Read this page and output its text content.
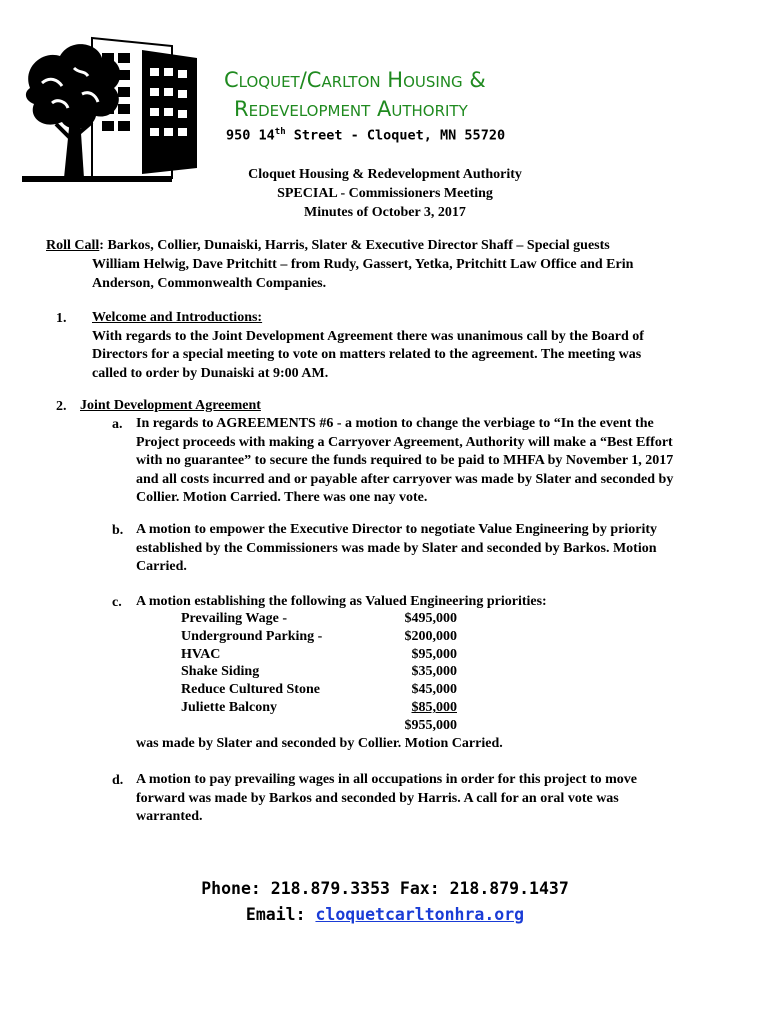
Cloquet/Carlton Housing &
Redevelopment Authority
950 14th Street - Cloquet, MN 55720
Cloquet Housing & Redevelopment Authority
SPECIAL - Commissioners Meeting
Minutes of October 3, 2017
Roll Call: Barkos, Collier, Dunaiski, Harris, Slater & Executive Director Shaff – Special guests
William Helwig, Dave Pritchitt – from Rudy, Gassert, Yetka, Pritchitt Law Office and Erin
Anderson, Commonwealth Companies.
1. Welcome and Introductions:
With regards to the Joint Development Agreement there was unanimous call by the Board of
Directors for a special meeting to vote on matters related to the agreement. The meeting was
called to order by Dunaiski at 9:00 AM.
2. Joint Development Agreement
a. In regards to AGREEMENTS #6 - a motion to change the verbiage to “In the event the
Project proceeds with making a Carryover Agreement, Authority will make a “Best Effort
with no guarantee” to secure the funds required to be paid to MHFA by November 1, 2017
and all costs incurred and or payable after carryover was made by Slater and seconded by
Collier. Motion Carried. There was one nay vote.
b. A motion to empower the Executive Director to negotiate Value Engineering by priority
established by the Commissioners was made by Slater and seconded by Barkos. Motion
Carried.
c. A motion establishing the following as Valued Engineering priorities:
Prevailing Wage -	$495,000
Underground Parking -	$200,000
HVAC	$95,000
Shake Siding	$35,000
Reduce Cultured Stone	$45,000
Juliette Balcony	$85,000
$955,000
was made by Slater and seconded by Collier. Motion Carried.
d. A motion to pay prevailing wages in all occupations in order for this project to move
forward was made by Barkos and seconded by Harris. A call for an oral vote was
warranted.
Phone: 218.879.3353 Fax: 218.879.1437
Email: cloquetcarltonhra.org
